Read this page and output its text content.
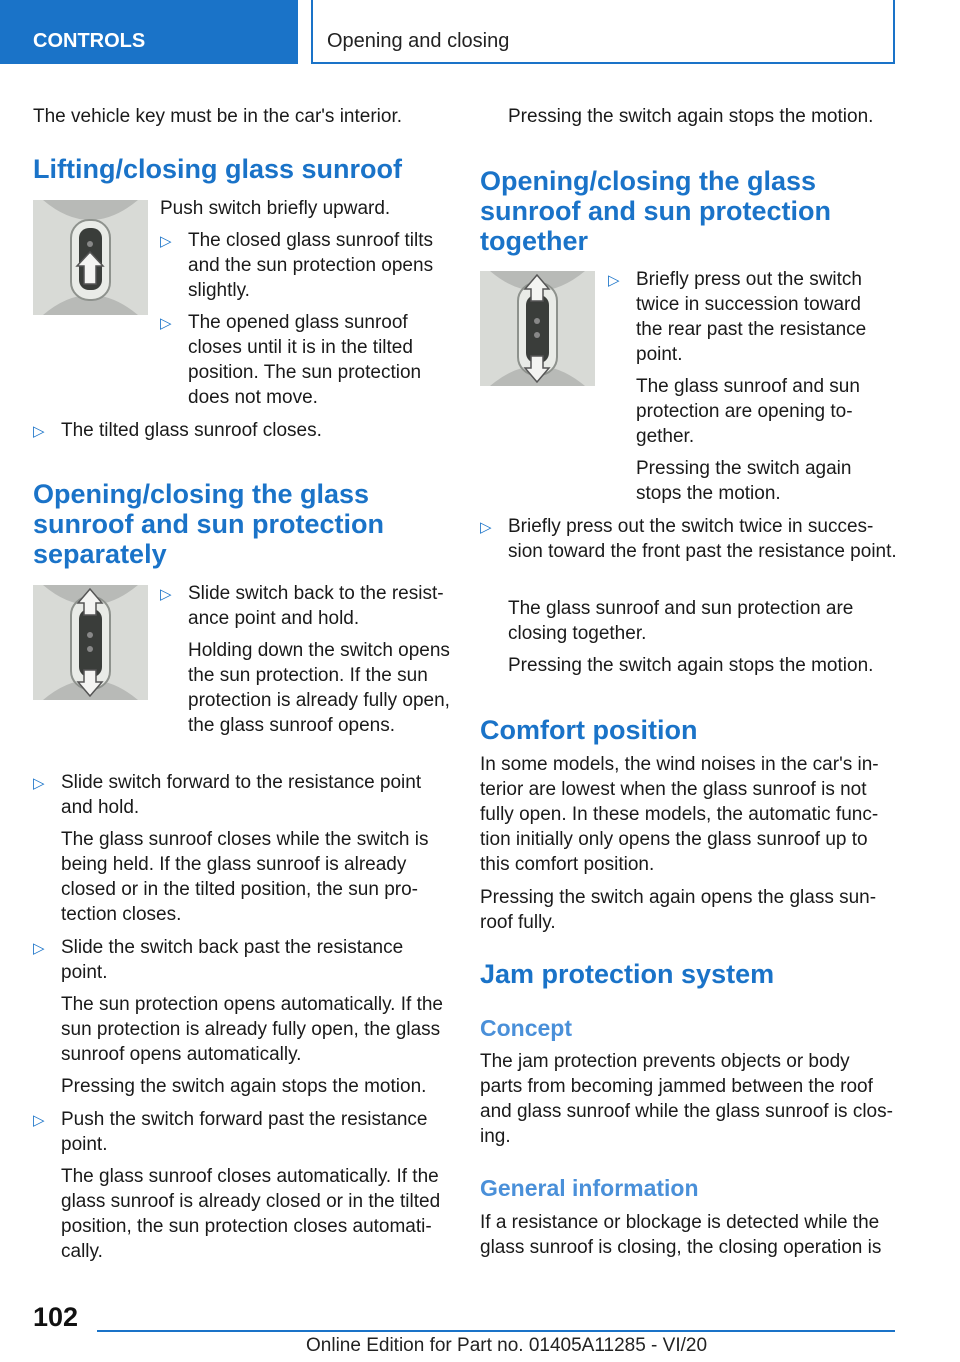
CONTROLS	Opening and closing

The vehicle key must be in the car's interior.

Lifting/closing glass sunroof

Push switch briefly upward.

▷ The closed glass sunroof tilts and the sun protection opens slightly.

▷ The opened glass sunroof closes until it is in the tilted position. The sun protection does not move.

▷ The tilted glass sunroof closes.

Opening/closing the glass sunroof and sun protection separately
▷ Slide switch back to the resist‐ance point and hold.

Holding down the switch opens the sun protection. If the sun protection is already fully open, the glass sunroof opens.

▷ Slide switch forward to the resistance point and hold.

The glass sunroof closes while the switch is being held. If the glass sunroof is already closed or in the tilted position, the sun pro‐tection closes.

▷ Slide the switch back past the resistance point.

The sun protection opens automatically. If the sun protection is already fully open, the glass sunroof opens automatically.

Pressing the switch again stops the motion.

▷ Push the switch forward past the resistance point.

The glass sunroof closes automatically. If the glass sunroof is already closed or in the tilted position, the sun protection closes automati‐cally.

Pressing the switch again stops the motion.

Opening/closing the glass sunroof and sun protection together
▷ Briefly press out the switch twice in succession toward the rear past the resistance point.

The glass sunroof and sun protection are opening to‐gether.

Pressing the switch again stops the motion.

▷ Briefly press out the switch twice in succes‐sion toward the front past the resistance point.

The glass sunroof and sun protection are closing together.

Pressing the switch again stops the motion.

Comfort position

In some models, the wind noises in the car's in‐terior are lowest when the glass sunroof is not fully open. In these models, the automatic func‐tion initially only opens the glass sunroof up to this comfort position.

Pressing the switch again opens the glass sun‐roof fully.

Jam protection system
Concept

The jam protection prevents objects or body parts from becoming jammed between the roof and glass sunroof while the glass sunroof is clos‐ing.

General information

If a resistance or blockage is detected while the glass sunroof is closing, the closing operation is

102
Online Edition for Part no. 01405A11285 - VI/20
